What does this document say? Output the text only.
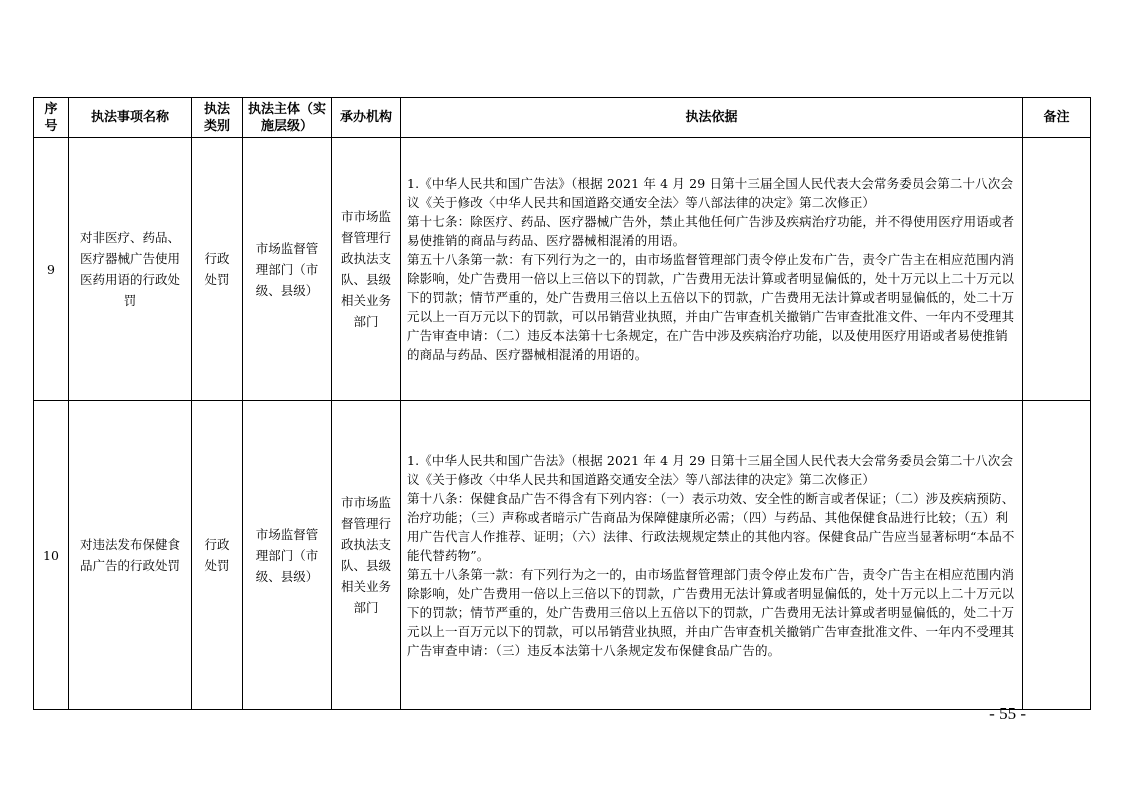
序号	执法事项名称	执法类别	执法主体（实施层级）	承办机构	执法依据	备注
9	对非医疗、药品、医疗器械广告使用医药用语的行政处罚	行政处罚	市场监督管理部门（市级、县级）	市市场监督管理行政执法支队、县级相关业务部门	1.《中华人民共和国广告法》（根据 2021 年 4 月 29 日第十三届全国人民代表大会常务委员会第二十八次会议《关于修改〈中华人民共和国道路交通安全法〉等八部法律的决定》第二次修正）

第十七条：除医疗、药品、医疗器械广告外，禁止其他任何广告涉及疾病治疗功能，并不得使用医疗用语或者易使推销的商品与药品、医疗器械相混淆的用语。

第五十八条第一款：有下列行为之一的，由市场监督管理部门责令停止发布广告，责令广告主在相应范围内消除影响，处广告费用一倍以上三倍以下的罚款，广告费用无法计算或者明显偏低的，处十万元以上二十万元以下的罚款；情节严重的，处广告费用三倍以上五倍以下的罚款，广告费用无法计算或者明显偏低的，处二十万元以上一百万元以下的罚款，可以吊销营业执照，并由广告审查机关撤销广告审查批准文件、一年内不受理其广告审查申请：（二）违反本法第十七条规定，在广告中涉及疾病治疗功能，以及使用医疗用语或者易使推销的商品与药品、医疗器械相混淆的用语的。	

10	对违法发布保健食品广告的行政处罚	行政处罚	市场监督管理部门（市级、县级）	市市场监督管理行政执法支队、县级相关业务部门	1.《中华人民共和国广告法》（根据 2021 年 4 月 29 日第十三届全国人民代表大会常务委员会第二十八次会议《关于修改〈中华人民共和国道路交通安全法〉等八部法律的决定》第二次修正）

第十八条：保健食品广告不得含有下列内容：（一）表示功效、安全性的断言或者保证；（二）涉及疾病预防、治疗功能；（三）声称或者暗示广告商品为保障健康所必需；（四）与药品、其他保健食品进行比较；（五）利用广告代言人作推荐、证明；（六）法律、行政法规规定禁止的其他内容。保健食品广告应当显著标明“本品不能代替药物”。

第五十八条第一款：有下列行为之一的，由市场监督管理部门责令停止发布广告，责令广告主在相应范围内消除影响，处广告费用一倍以上三倍以下的罚款，广告费用无法计算或者明显偏低的，处十万元以上二十万元以下的罚款；情节严重的，处广告费用三倍以上五倍以下的罚款，广告费用无法计算或者明显偏低的，处二十万元以上一百万元以下的罚款，可以吊销营业执照，并由广告审查机关撤销广告审查批准文件、一年内不受理其广告审查申请：（三）违反本法第十八条规定发布保健食品广告的。	

- 55 -
